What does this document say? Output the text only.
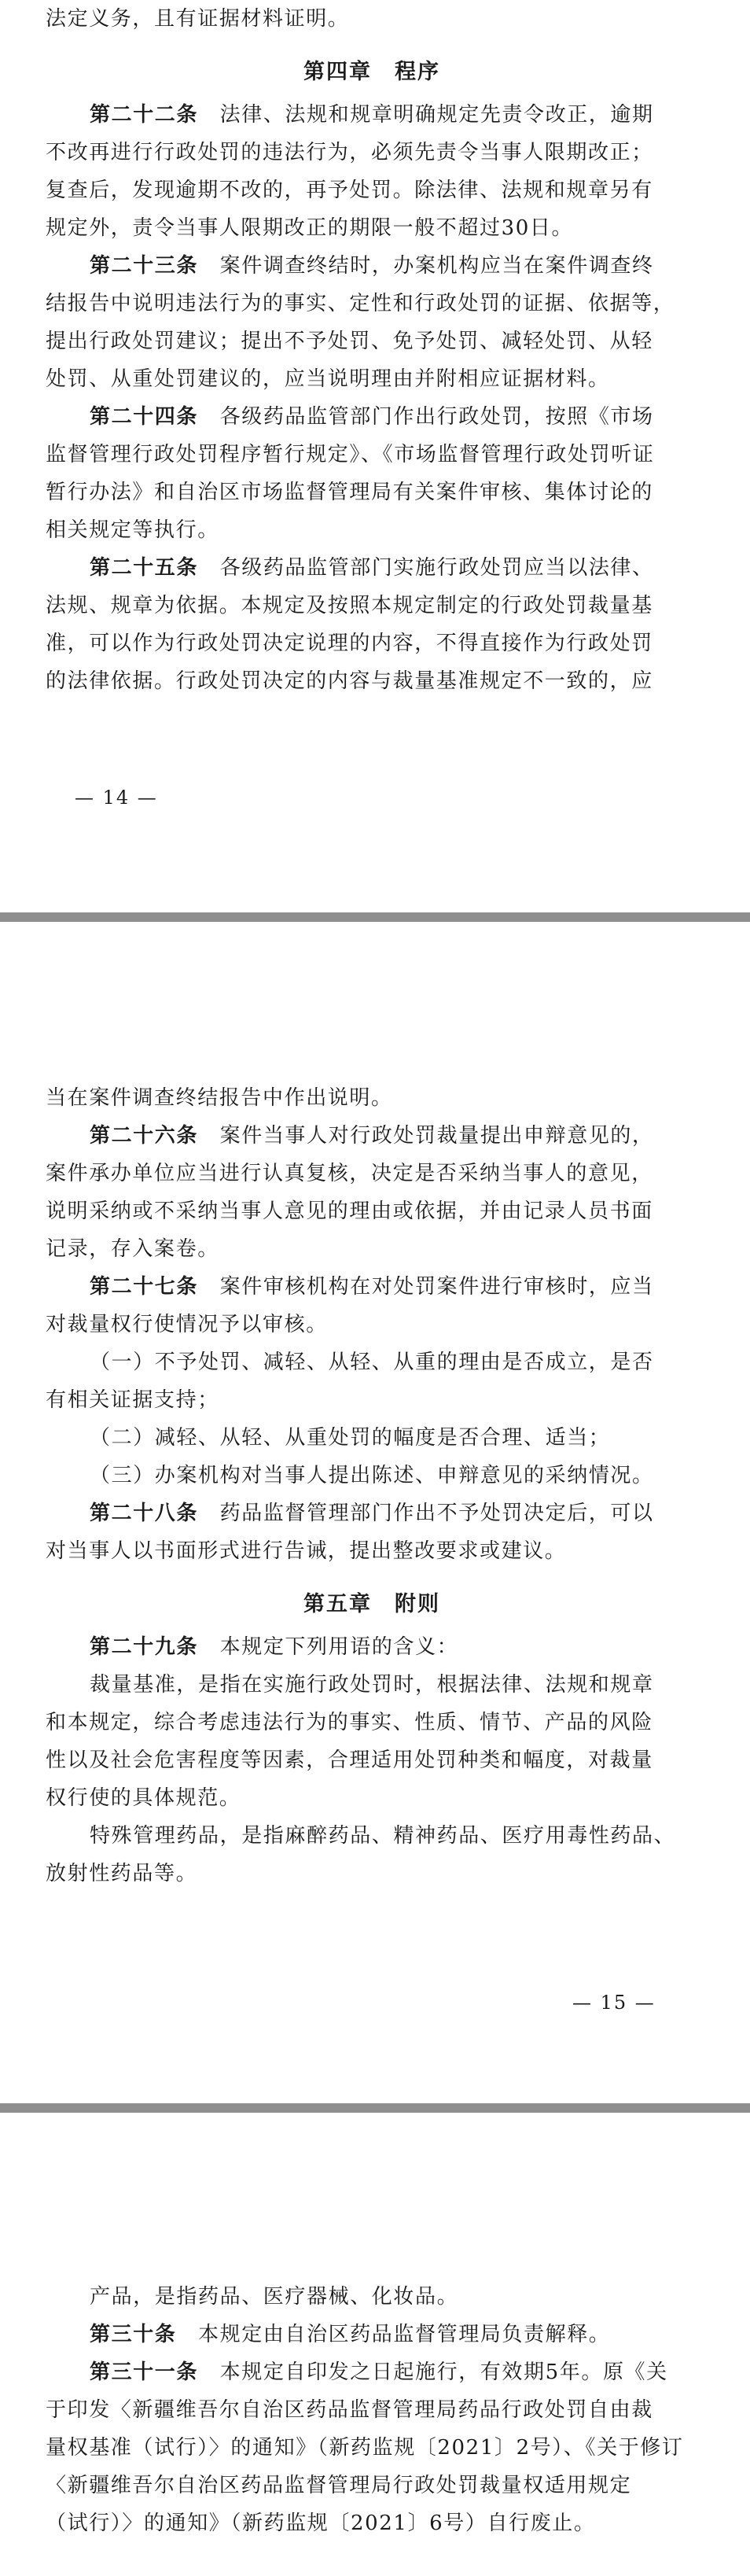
法定义务，且有证据材料证明。
第四章　程序
第二十二条　法律、法规和规章明确规定先责令改正，逾期
不改再进行行政处罚的违法行为，必须先责令当事人限期改正；
复查后，发现逾期不改的，再予处罚。除法律、法规和规章另有
规定外，责令当事人限期改正的期限一般不超过30日。
第二十三条　案件调查终结时，办案机构应当在案件调查终
结报告中说明违法行为的事实、定性和行政处罚的证据、依据等，
提出行政处罚建议；提出不予处罚、免予处罚、减轻处罚、从轻
处罚、从重处罚建议的，应当说明理由并附相应证据材料。
第二十四条　各级药品监管部门作出行政处罚，按照《市场
监督管理行政处罚程序暂行规定》、《市场监督管理行政处罚听证
暂行办法》和自治区市场监督管理局有关案件审核、集体讨论的
相关规定等执行。
第二十五条　各级药品监管部门实施行政处罚应当以法律、
法规、规章为依据。本规定及按照本规定制定的行政处罚裁量基
准，可以作为行政处罚决定说理的内容，不得直接作为行政处罚
的法律依据。行政处罚决定的内容与裁量基准规定不一致的，应
— 14 —
当在案件调查终结报告中作出说明。
第二十六条　案件当事人对行政处罚裁量提出申辩意见的，
案件承办单位应当进行认真复核，决定是否采纳当事人的意见，
说明采纳或不采纳当事人意见的理由或依据，并由记录人员书面
记录，存入案卷。
第二十七条　案件审核机构在对处罚案件进行审核时，应当
对裁量权行使情况予以审核。
（一）不予处罚、减轻、从轻、从重的理由是否成立，是否
有相关证据支持；
（二）减轻、从轻、从重处罚的幅度是否合理、适当；
（三）办案机构对当事人提出陈述、申辩意见的采纳情况。
第二十八条　药品监督管理部门作出不予处罚决定后，可以
对当事人以书面形式进行告诫，提出整改要求或建议。
第五章　附则
第二十九条　本规定下列用语的含义：
裁量基准，是指在实施行政处罚时，根据法律、法规和规章
和本规定，综合考虑违法行为的事实、性质、情节、产品的风险
性以及社会危害程度等因素，合理适用处罚种类和幅度，对裁量
权行使的具体规范。
特殊管理药品，是指麻醉药品、精神药品、医疗用毒性药品、
放射性药品等。
— 15 —
产品，是指药品、医疗器械、化妆品。
第三十条　本规定由自治区药品监督管理局负责解释。
第三十一条　本规定自印发之日起施行，有效期5年。原《关
于印发〈新疆维吾尔自治区药品监督管理局药品行政处罚自由裁
量权基准（试行）〉的通知》（新药监规〔2021〕2号）、《关于修订
〈新疆维吾尔自治区药品监督管理局行政处罚裁量权适用规定
（试行）〉的通知》（新药监规〔2021〕6号）自行废止。
